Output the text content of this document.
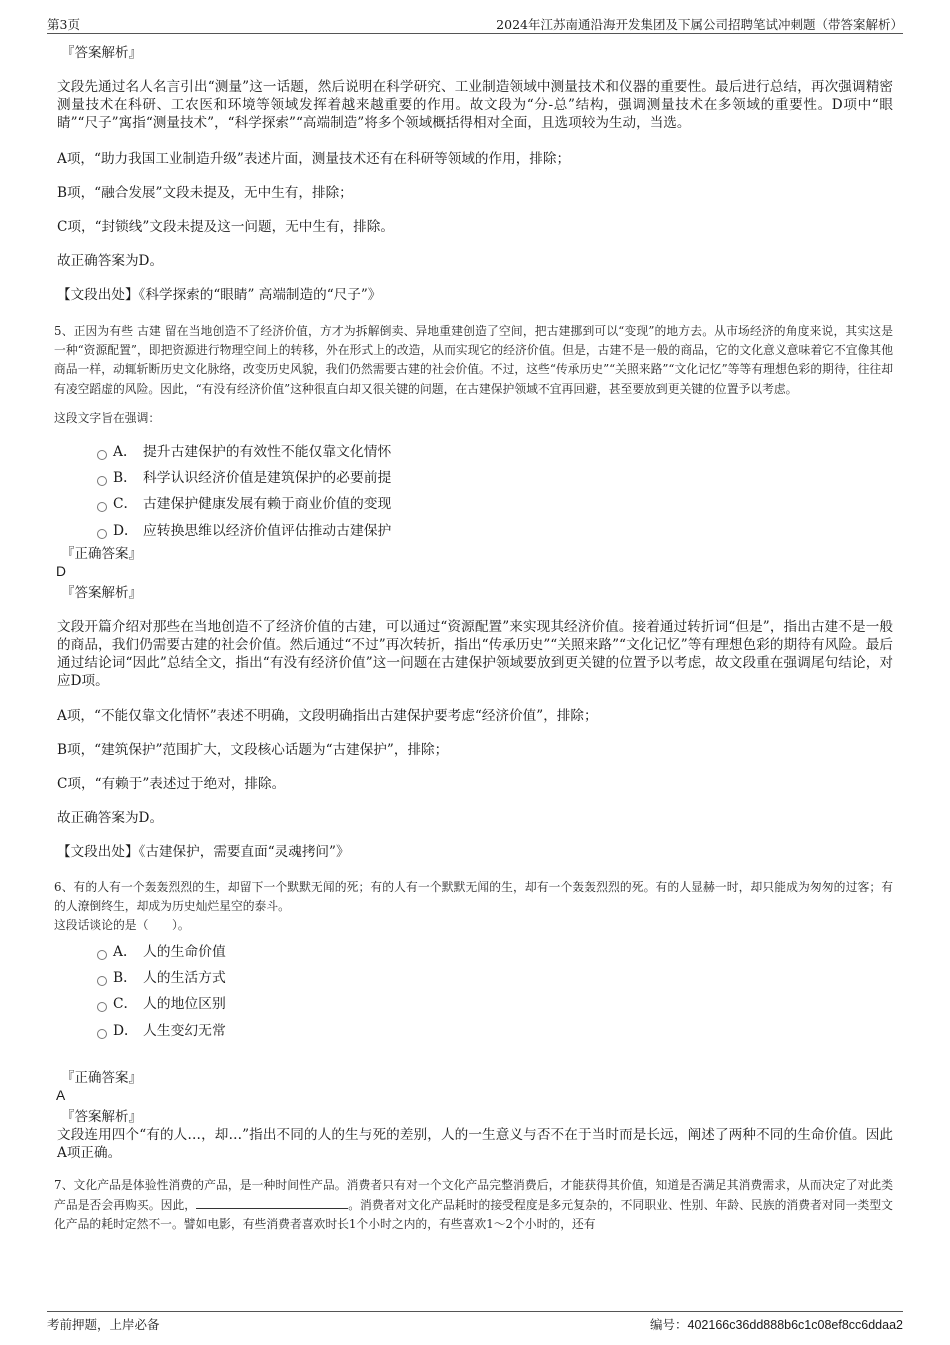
第3页	2024年江苏南通沿海开发集团及下属公司招聘笔试冲刺题（带答案解析）

『答案解析』

文段先通过名人名言引出“测量”这一话题，然后说明在科学研究、工业制造领域中测量技术和仪器的重要性。最后进行总结，再次强调精密测量技术在科研、工农医和环境等领域发挥着越来越重要的作用。故文段为“分-总”结构，强调测量技术在多领域的重要性。D项中“眼睛”“尺子”寓指“测量技术”，“科学探索”“高端制造”将多个领域概括得相对全面，且选项较为生动，当选。

A项，“助力我国工业制造升级”表述片面，测量技术还有在科研等领域的作用，排除；

B项，“融合发展”文段未提及，无中生有，排除；

C项，“封锁线”文段未提及这一问题，无中生有，排除。

故正确答案为D。

【文段出处】《科学探索的“眼睛” 高端制造的“尺子”》

5、正因为有些 古建 留在当地创造不了经济价值，方才为拆解倒卖、异地重建创造了空间，把古建挪到可以“变现”的地方去。从市场经济的角度来说，其实这是一种“资源配置”，即把资源进行物理空间上的转移，外在形式上的改造，从而实现它的经济价值。但是，古建不是一般的商品，它的文化意义意味着它不宜像其他商品一样，动辄斩断历史文化脉络，改变历史风貌，我们仍然需要古建的社会价值。不过，这些“传承历史”“关照来路”“文化记忆”等等有理想色彩的期待，往往却有凌空蹈虚的风险。因此，“有没有经济价值”这种很直白却又很关键的问题，在古建保护领域不宜再回避，甚至要放到更关键的位置予以考虑。

这段文字旨在强调：

A． 提升古建保护的有效性不能仅靠文化情怀
B． 科学认识经济价值是建筑保护的必要前提
C． 古建保护健康发展有赖于商业价值的变现
D． 应转换思维以经济价值评估推动古建保护

『正确答案』

D

『答案解析』

文段开篇介绍对那些在当地创造不了经济价值的古建，可以通过“资源配置”来实现其经济价值。接着通过转折词“但是”，指出古建不是一般的商品，我们仍需要古建的社会价值。然后通过“不过”再次转折，指出“传承历史”“关照来路”“文化记忆”等有理想色彩的期待有风险。最后通过结论词“因此”总结全文，指出“有没有经济价值”这一问题在古建保护领域要放到更关键的位置予以考虑，故文段重在强调尾句结论，对应D项。

A项，“不能仅靠文化情怀”表述不明确，文段明确指出古建保护要考虑“经济价值”，排除；

B项，“建筑保护”范围扩大，文段核心话题为“古建保护”，排除；

C项，“有赖于”表述过于绝对，排除。

故正确答案为D。

【文段出处】《古建保护，需要直面“灵魂拷问”》

6、有的人有一个轰轰烈烈的生，却留下一个默默无闻的死；有的人有一个默默无闻的生，却有一个轰轰烈烈的死。有的人显赫一时，却只能成为匆匆的过客；有的人潦倒终生，却成为历史灿烂星空的泰斗。

这段话谈论的是（　　）。

A． 人的生命价值
B． 人的生活方式
C． 人的地位区别
D． 人生变幻无常

『正确答案』

A

『答案解析』

文段连用四个“有的人…，却…”指出不同的人的生与死的差别，人的一生意义与否不在于当时而是长远，阐述了两种不同的生命价值。因此A项正确。

7、文化产品是体验性消费的产品，是一种时间性产品。消费者只有对一个文化产品完整消费后，才能获得其价值，知道是否满足其消费需求，从而决定了对此类产品是否会再购买。因此，	。消费者对文化产品耗时的接受程度是多元复杂的，不同职业、性别、年龄、民族的消费者对同一类型文化产品的耗时定然不一。譬如电影，有些消费者喜欢时长1个小时之内的，有些喜欢1～2个小时的，还有

考前押题，上岸必备	编号：402166c36dd888b6c1c08ef8cc6ddaa2
